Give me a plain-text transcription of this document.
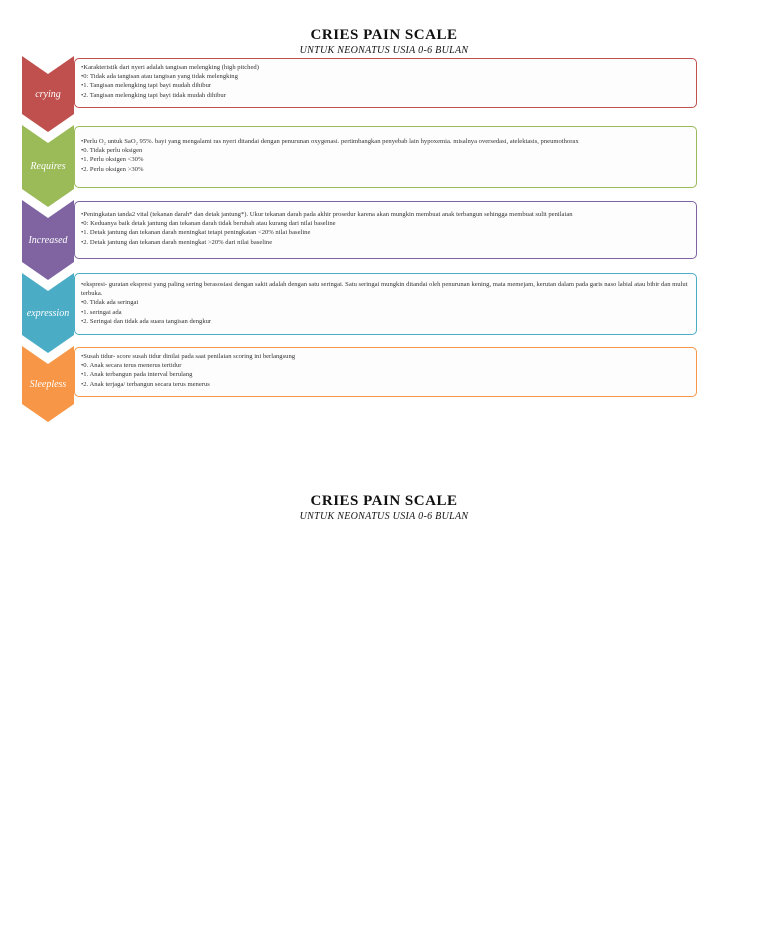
CRIES PAIN SCALE
UNTUK NEONATUS USIA 0-6 BULAN
crying
•Karakteristik dari nyeri adalah tangisan melengking (high pitched)
•0: Tidak ada tangisan atau tangisan yang tidak melengking
•1. Tangisan melengking tapi bayi mudah dihibur
•2. Tangisan melengking tapi bayi tidak mudah dihibur
Requires
•Perlu O₂ untuk SaO₂ 95%. bayi yang mengalami ras nyeri ditandai dengan penurunan oxygenasi. pertimbangkan penyebab lain hypoxemia. misalnya oversedasi, atelektasis, pneumothorax
•0. Tidak perlu oksigen
•1. Perlu oksigen <30%
•2. Perlu oksigen >30%
Increased
•Peningkatan tanda2 vital (tekanan darah* dan detak jantung*). Ukur tekanan darah pada akhir prosedur karena akan mungkin membuat anak terbangun sehingga membuat sulit penilaian
•0: Keduanya baik detak jantung dan tekanan darah tidak berubah atau kurang dari nilai baseline
•1. Detak jantung dan tekanan darah meningkat tetapi peningkatan <20% nilai baseline
•2. Detak jantung dan tekanan darah meningkat >20% dari nilai baseline
expression
•ekspresi- guratan ekspresi yang paling sering berasosiasi dengan sakit adalah dengan satu seringai. Satu seringai mungkin ditandai oleh penurunan kening, mata memejam, kerutan dalam pada garis naso labial atau bibir dan mulut terbuka.
•0. Tidak ada seringai
•1. seringai ada
•2. Seringai dan tidak ada suara tangisan dengkur
Sleepless
•Susah tidur- score susah tidur dinilai pada saat penilaian scoring ini berlangsung
•0. Anak secara terus menerus tertidur
•1. Anak terbangun pada interval berulang
•2. Anak terjaga/ terbangun secara terus menerus
CRIES PAIN SCALE
UNTUK NEONATUS USIA 0-6 BULAN
